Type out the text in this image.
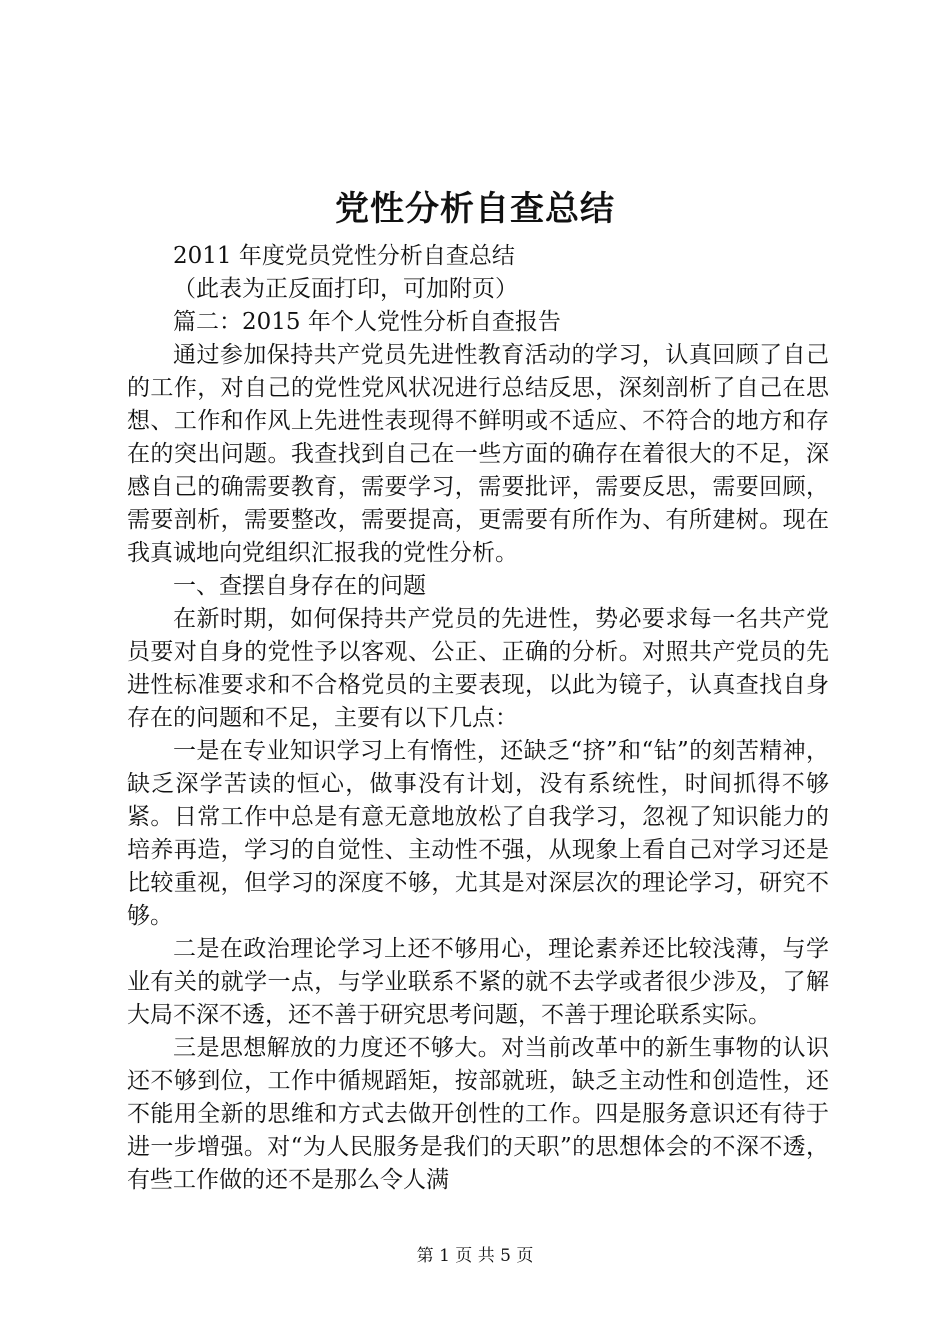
党性分析自查总结

2011 年度党员党性分析自查总结

（此表为正反面打印，可加附页）

篇二：2015 年个人党性分析自查报告

通过参加保持共产党员先进性教育活动的学习，认真回顾了自己的工作，对自己的党性党风状况进行总结反思，深刻剖析了自己在思想、工作和作风上先进性表现得不鲜明或不适应、不符合的地方和存在的突出问题。我查找到自己在一些方面的确存在着很大的不足，深感自己的确需要教育，需要学习，需要批评，需要反思，需要回顾，需要剖析，需要整改，需要提高，更需要有所作为、有所建树。现在我真诚地向党组织汇报我的党性分析。

一、查摆自身存在的问题

在新时期，如何保持共产党员的先进性，势必要求每一名共产党员要对自身的党性予以客观、公正、正确的分析。对照共产党员的先进性标准要求和不合格党员的主要表现，以此为镜子，认真查找自身存在的问题和不足，主要有以下几点：

一是在专业知识学习上有惰性，还缺乏“挤”和“钻”的刻苦精神，缺乏深学苦读的恒心，做事没有计划，没有系统性，时间抓得不够紧。日常工作中总是有意无意地放松了自我学习，忽视了知识能力的培养再造，学习的自觉性、主动性不强，从现象上看自己对学习还是比较重视，但学习的深度不够，尤其是对深层次的理论学习，研究不够。

二是在政治理论学习上还不够用心，理论素养还比较浅薄，与学业有关的就学一点，与学业联系不紧的就不去学或者很少涉及，了解大局不深不透，还不善于研究思考问题，不善于理论联系实际。

三是思想解放的力度还不够大。对当前改革中的新生事物的认识还不够到位，工作中循规蹈矩，按部就班，缺乏主动性和创造性，还不能用全新的思维和方式去做开创性的工作。四是服务意识还有待于进一步增强。对“为人民服务是我们的天职”的思想体会的不深不透，有些工作做的还不是那么令人满

第 1 页 共 5 页
